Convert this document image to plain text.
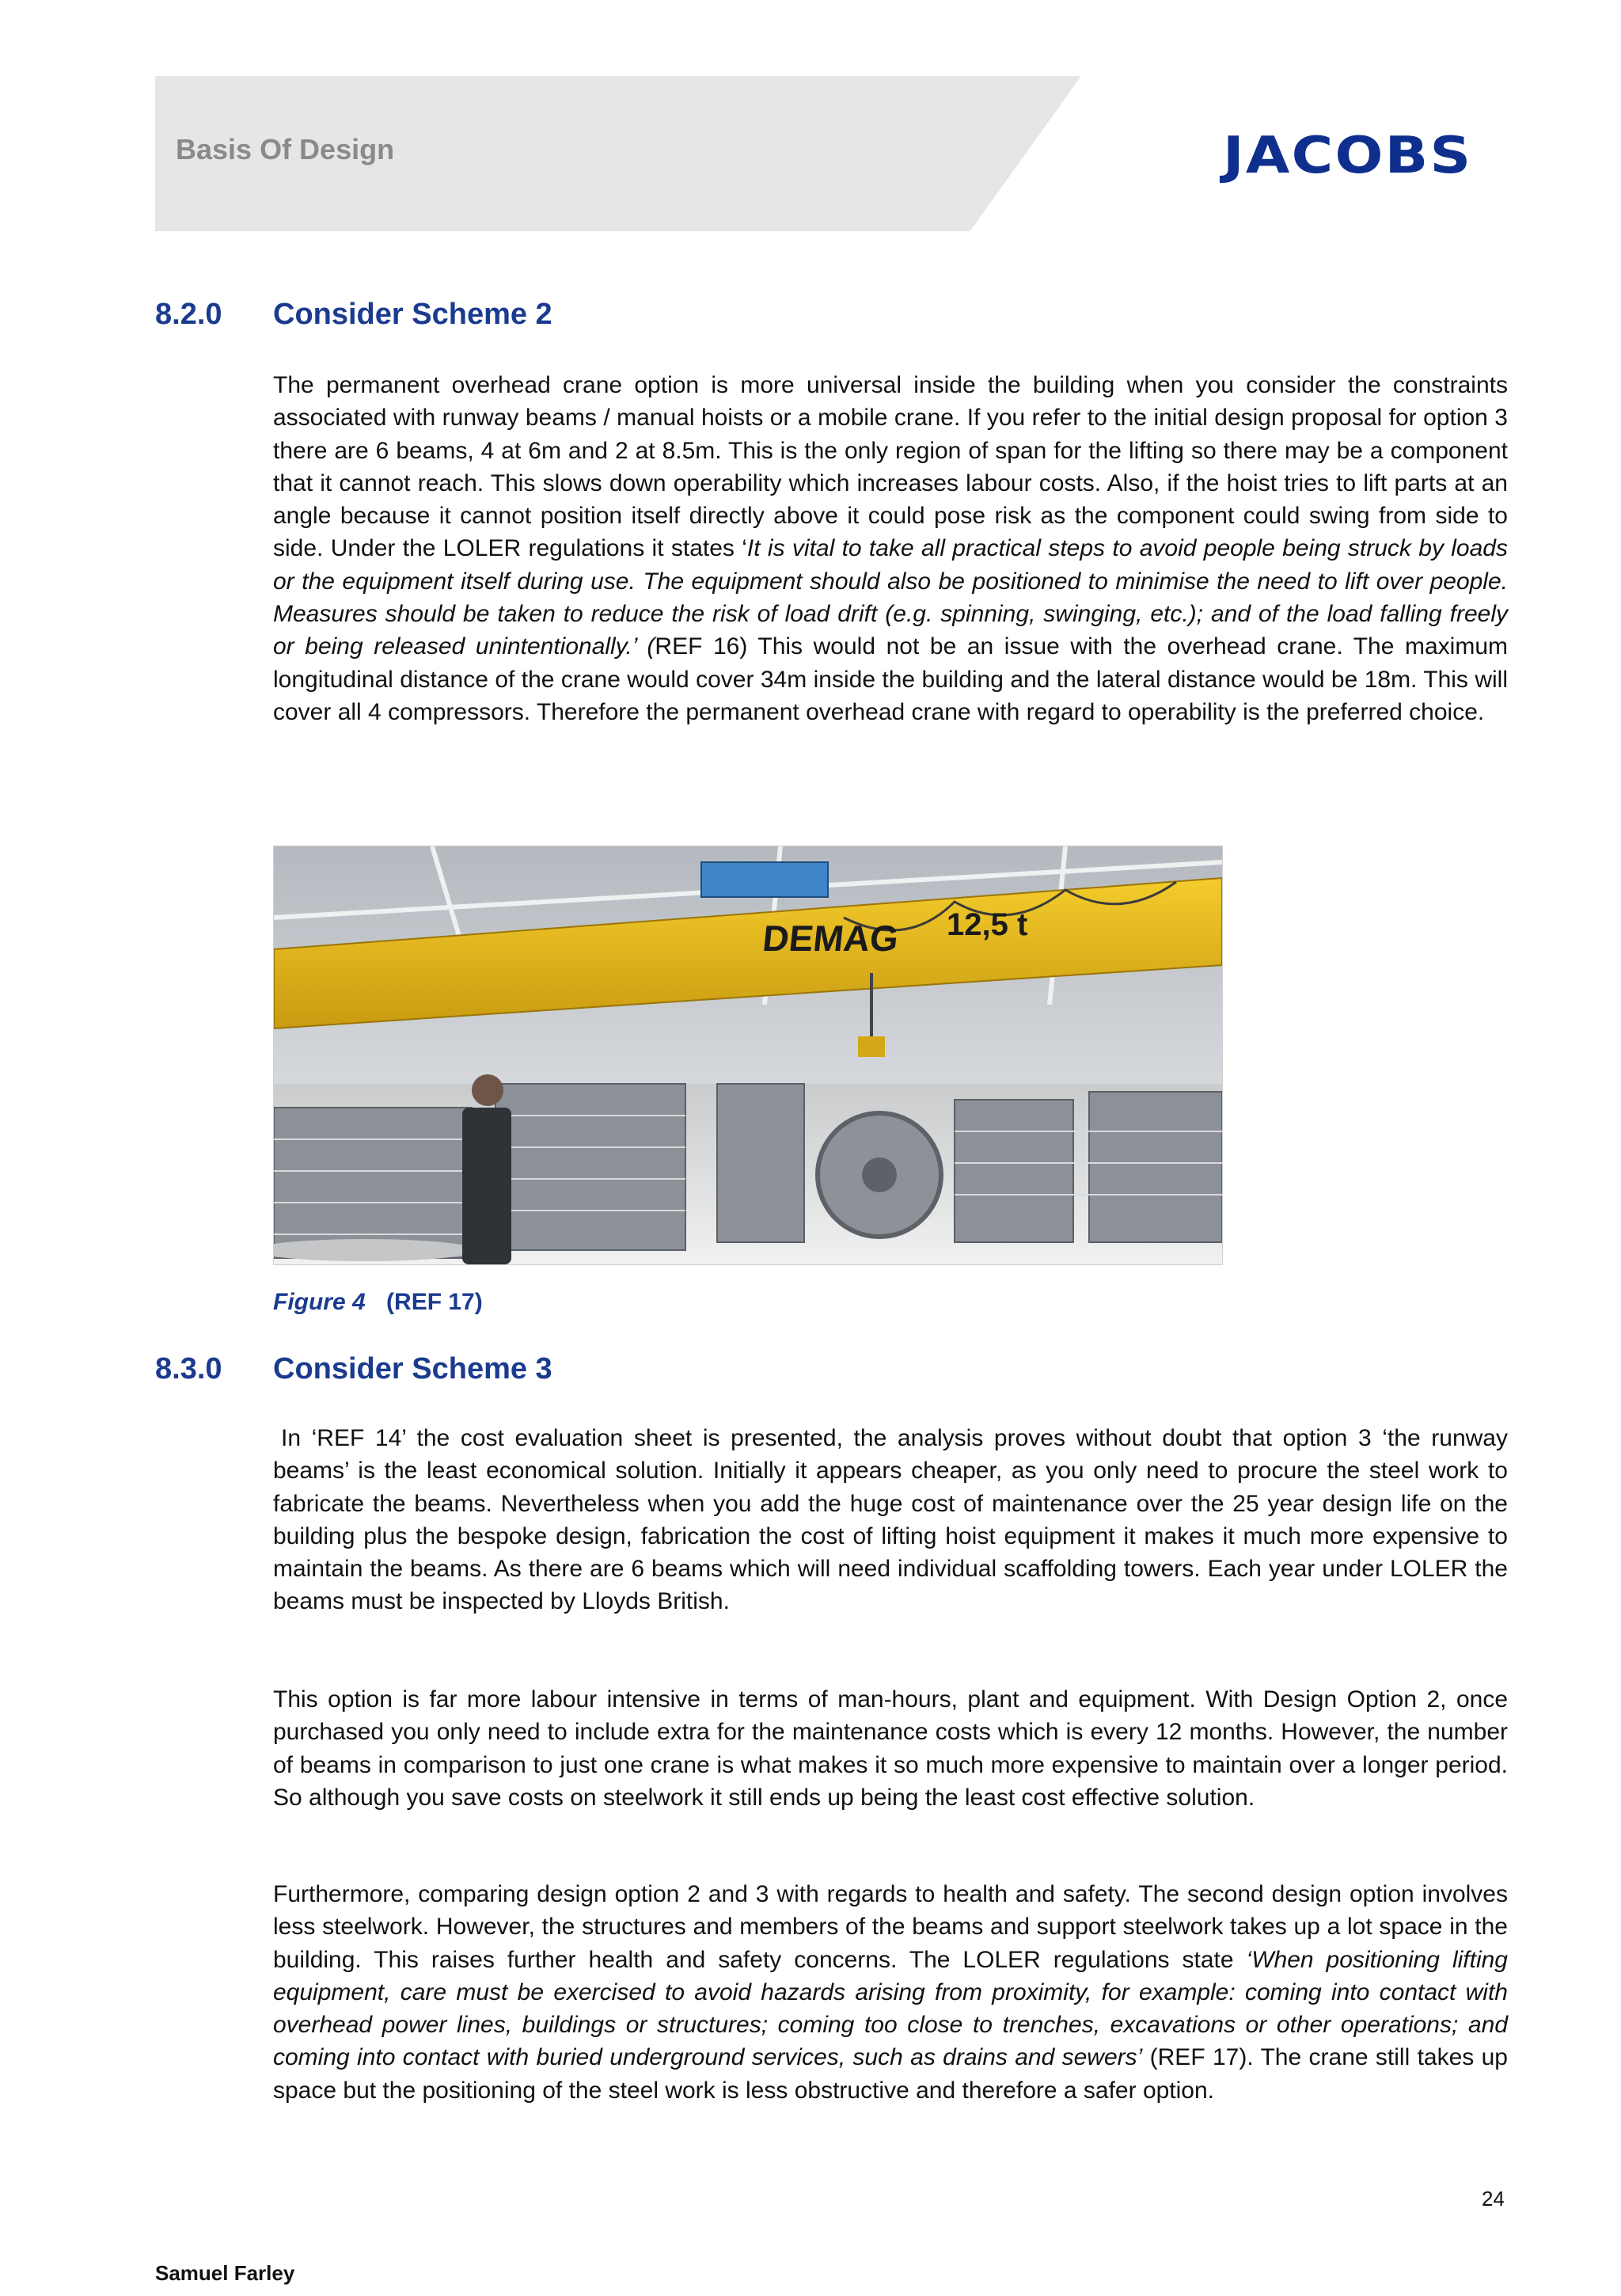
Basis Of Design	JACOBS
8.2.0 Consider Scheme 2

The permanent overhead crane option is more universal inside the building when you consider the constraints associated with runway beams / manual hoists or a mobile crane. If you refer to the initial design proposal for option 3 there are 6 beams, 4 at 6m and 2 at 8.5m. This is the only region of span for the lifting so there may be a component that it cannot reach. This slows down operability which increases labour costs. Also, if the hoist tries to lift parts at an angle because it cannot position itself directly above it could pose risk as the component could swing from side to side. Under the LOLER regulations it states ‘It is vital to take all practical steps to avoid people being struck by loads or the equipment itself during use. The equipment should also be positioned to minimise the need to lift over people. Measures should be taken to reduce the risk of load drift (e.g. spinning, swinging, etc.); and of the load falling freely or being released unintentionally.’ (REF 16) This would not be an issue with the overhead crane. The maximum longitudinal distance of the crane would cover 34m inside the building and the lateral distance would be 18m. This will cover all 4 compressors. Therefore the permanent overhead crane with regard to operability is the preferred choice.

DEMAG 12,5 t
Figure 4 (REF 17)
8.3.0 Consider Scheme 3

In ‘REF 14’ the cost evaluation sheet is presented, the analysis proves without doubt that option 3 ‘the runway beams’ is the least economical solution. Initially it appears cheaper, as you only need to procure the steel work to fabricate the beams. Nevertheless when you add the huge cost of maintenance over the 25 year design life on the building plus the bespoke design, fabrication the cost of lifting hoist equipment it makes it much more expensive to maintain the beams. As there are 6 beams which will need individual scaffolding towers. Each year under LOLER the beams must be inspected by Lloyds British.

This option is far more labour intensive in terms of man-hours, plant and equipment. With Design Option 2, once purchased you only need to include extra for the maintenance costs which is every 12 months. However, the number of beams in comparison to just one crane is what makes it so much more expensive to maintain over a longer period. So although you save costs on steelwork it still ends up being the least cost effective solution.

Furthermore, comparing design option 2 and 3 with regards to health and safety. The second design option involves less steelwork. However, the structures and members of the beams and support steelwork takes up a lot space in the building. This raises further health and safety concerns. The LOLER regulations state ‘When positioning lifting equipment, care must be exercised to avoid hazards arising from proximity, for example: coming into contact with overhead power lines, buildings or structures; coming too close to trenches, excavations or other operations; and coming into contact with buried underground services, such as drains and sewers’ (REF 17). The crane still takes up space but the positioning of the steel work is less obstructive and therefore a safer option.

24
Samuel Farley
